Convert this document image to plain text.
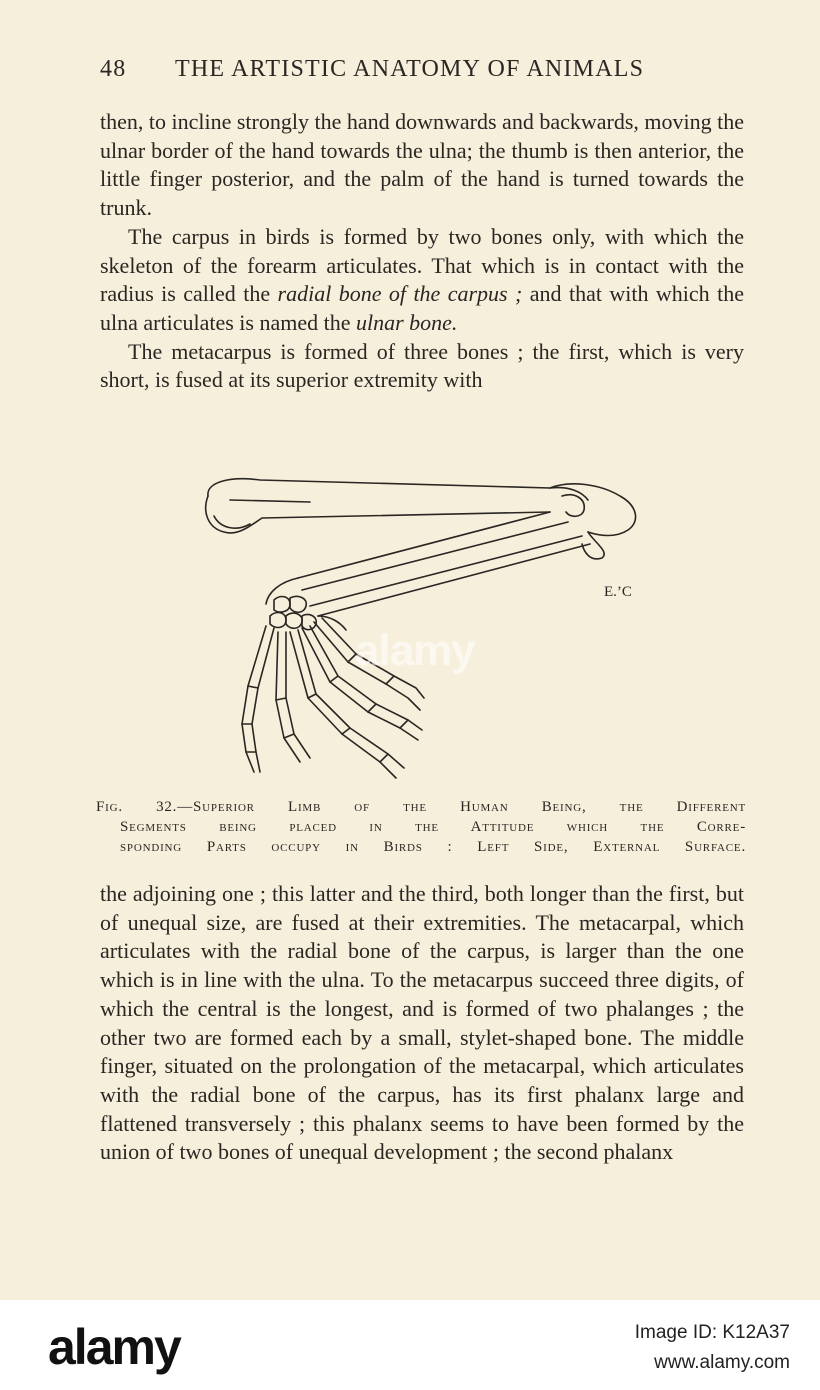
48 THE ARTISTIC ANATOMY OF ANIMALS

then, to incline strongly the hand downwards and backwards, moving the ulnar border of the hand towards the ulna; the thumb is then anterior, the little finger posterior, and the palm of the hand is turned towards the trunk.

The carpus in birds is formed by two bones only, with which the skeleton of the forearm articulates. That which is in contact with the radius is called the radial bone of the carpus ; and that with which the ulna articulates is named the ulnar bone.

The metacarpus is formed of three bones ; the first, which is very short, is fused at its superior extremity with

E.’C
alamy
Fig. 32.—Superior Limb of the Human Being, the Different
Segments being placed in the Attitude which the Corre-
sponding Parts occupy in Birds : Left Side, External Surface.

the adjoining one ; this latter and the third, both longer than the first, but of unequal size, are fused at their extremities. The metacarpal, which articulates with the radial bone of the carpus, is larger than the one which is in line with the ulna. To the metacarpus succeed three digits, of which the central is the longest, and is formed of two phalanges ; the other two are formed each by a small, stylet-shaped bone. The middle finger, situated on the prolongation of the metacarpal, which articulates with the radial bone of the carpus, has its first phalanx large and flattened transversely ; this phalanx seems to have been formed by the union of two bones of unequal development ; the second phalanx

alamy	Image ID: K12A37
www.alamy.com
